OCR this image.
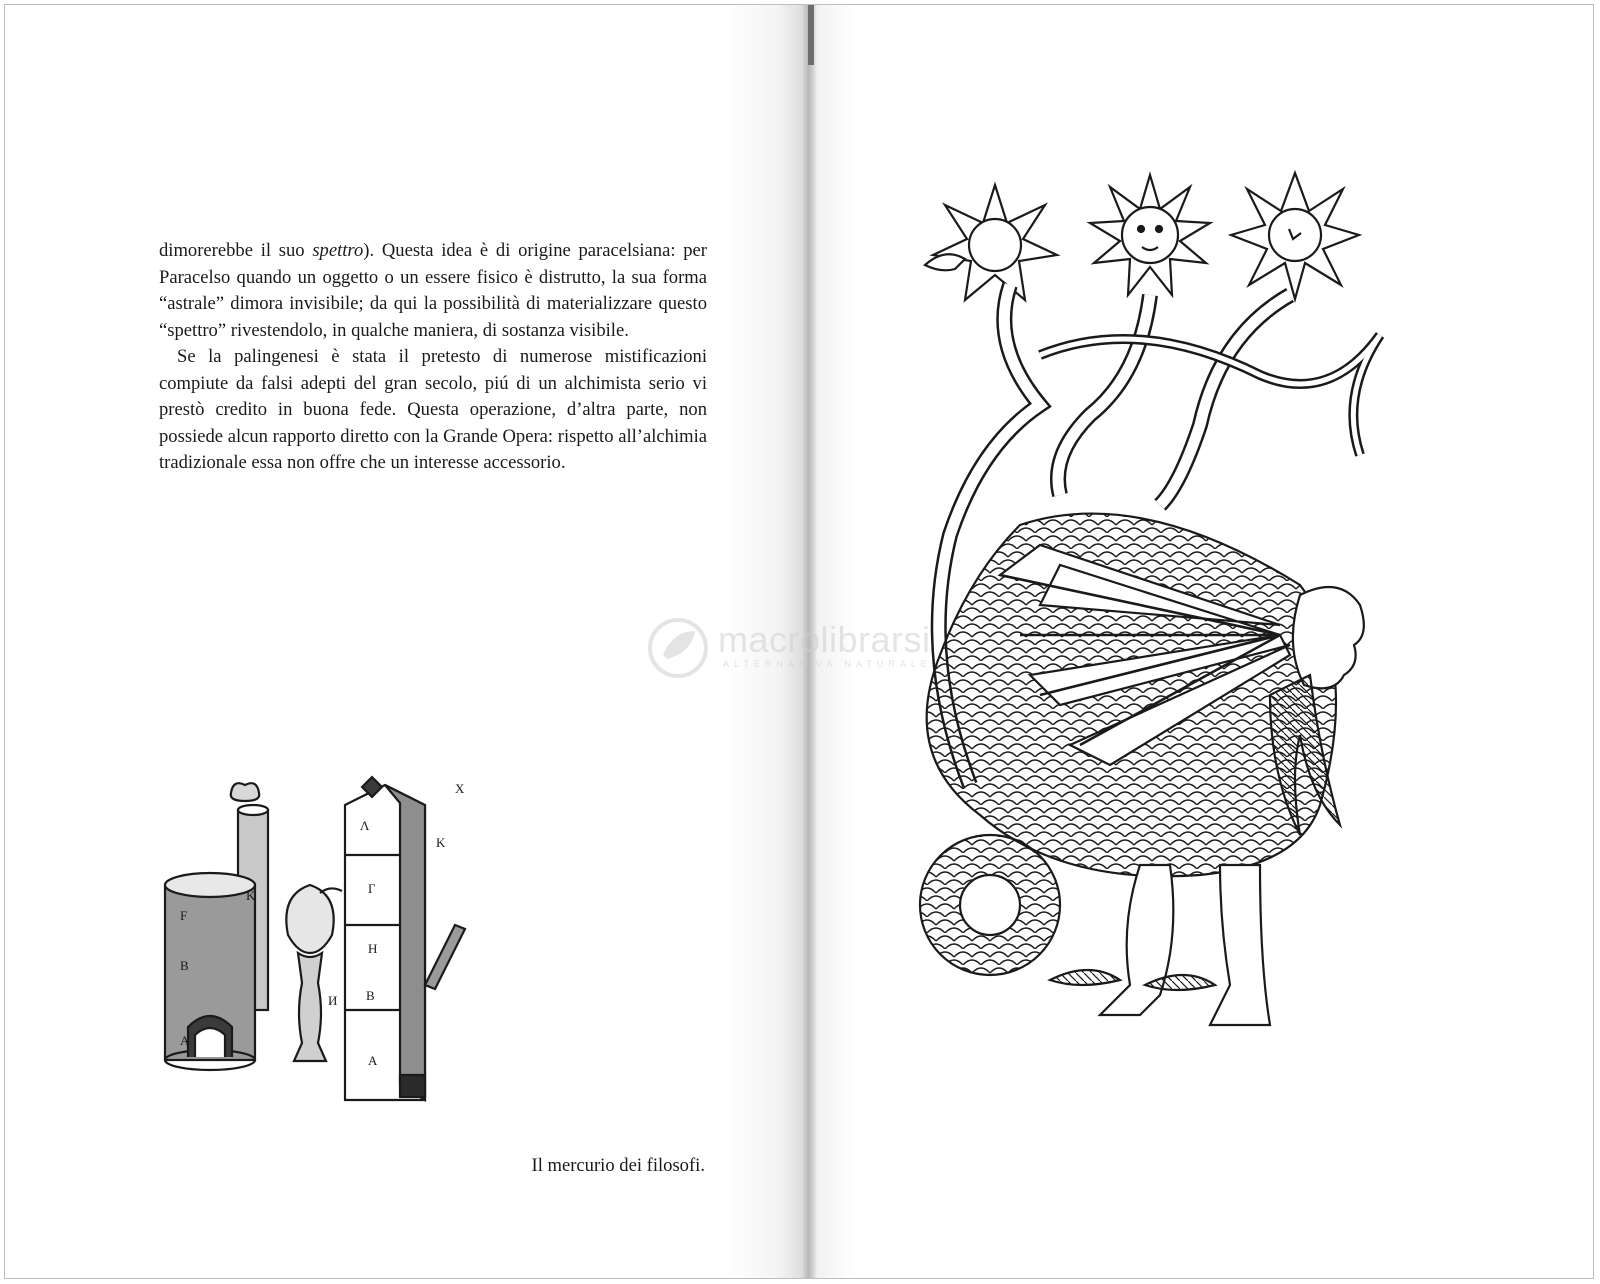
dimorerebbe il suo spettro). Questa idea è di origine paracelsiana: per Paracelso quando un oggetto o un essere fisico è distrutto, la sua forma “astrale” dimora invisibile; da qui la possibilità di materializzare questo “spettro” rivestendolo, in qualche maniera, di sostanza visibile.

Se la palingenesi è stata il pretesto di numerose mistificazioni compiute da falsi adepti del gran secolo, piú di un alchimista serio vi prestò credito in buona fede. Questa operazione, d’altra parte, non possiede alcun rapporto diretto con la Grande Opera: rispetto all’alchimia tradizionale essa non offre che un interesse accessorio.

F
B
A
K
Λ
Γ
H
B
A
И
X
K
Il mercurio dei filosofi.
macrolibrarsi
ALTERNATIVA NATURALE
